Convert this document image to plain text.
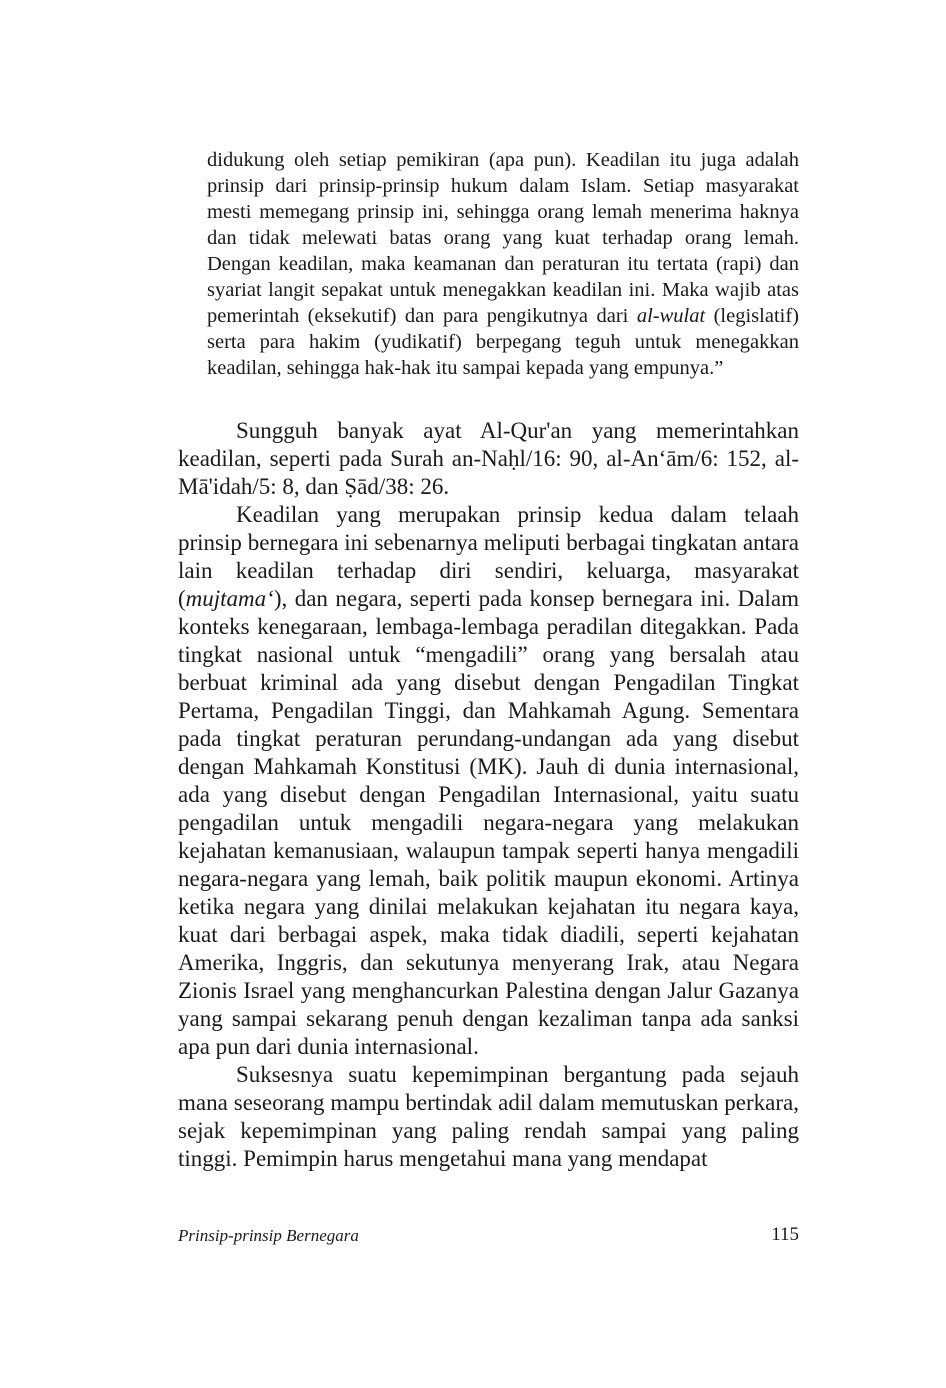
didukung oleh setiap pemikiran (apa pun). Keadilan itu juga adalah prinsip dari prinsip-prinsip hukum dalam Islam. Setiap masyarakat mesti memegang prinsip ini, sehingga orang lemah menerima haknya dan tidak melewati batas orang yang kuat terhadap orang lemah. Dengan keadilan, maka keamanan dan peraturan itu tertata (rapi) dan syariat langit sepakat untuk menegakkan keadilan ini. Maka wajib atas pemerintah (eksekutif) dan para pengikutnya dari al-wulat (legislatif) serta para hakim (yudikatif) berpegang teguh untuk menegakkan keadilan, sehingga hak-hak itu sampai kepada yang empunya.”

Sungguh banyak ayat Al-Qur'an yang memerintahkan keadilan, seperti pada Surah an-Naḥl/16: 90, al-An‘ām/6: 152, al-Mā'idah/5: 8, dan Ṣād/38: 26.

Keadilan yang merupakan prinsip kedua dalam telaah prinsip bernegara ini sebenarnya meliputi berbagai tingkatan antara lain keadilan terhadap diri sendiri, keluarga, masyarakat (mujtama‘), dan negara, seperti pada konsep bernegara ini. Dalam konteks kenegaraan, lembaga-lembaga peradilan ditegakkan. Pada tingkat nasional untuk “mengadili” orang yang bersalah atau berbuat kriminal ada yang disebut dengan Pengadilan Tingkat Pertama, Pengadilan Tinggi, dan Mahkamah Agung. Sementara pada tingkat peraturan perundang-undangan ada yang disebut dengan Mahkamah Konstitusi (MK). Jauh di dunia internasional, ada yang disebut dengan Pengadilan Internasional, yaitu suatu pengadilan untuk mengadili negara-negara yang melakukan kejahatan kemanusiaan, walaupun tampak seperti hanya mengadili negara-negara yang lemah, baik politik maupun ekonomi. Artinya ketika negara yang dinilai melakukan kejahatan itu negara kaya, kuat dari berbagai aspek, maka tidak diadili, seperti kejahatan Amerika, Inggris, dan sekutunya menyerang Irak, atau Negara Zionis Israel yang menghancurkan Palestina dengan Jalur Gazanya yang sampai sekarang penuh dengan kezaliman tanpa ada sanksi apa pun dari dunia internasional.

Suksesnya suatu kepemimpinan bergantung pada sejauh mana seseorang mampu bertindak adil dalam memutuskan perkara, sejak kepemimpinan yang paling rendah sampai yang paling tinggi. Pemimpin harus mengetahui mana yang mendapat

Prinsip-prinsip Bernegara	115
